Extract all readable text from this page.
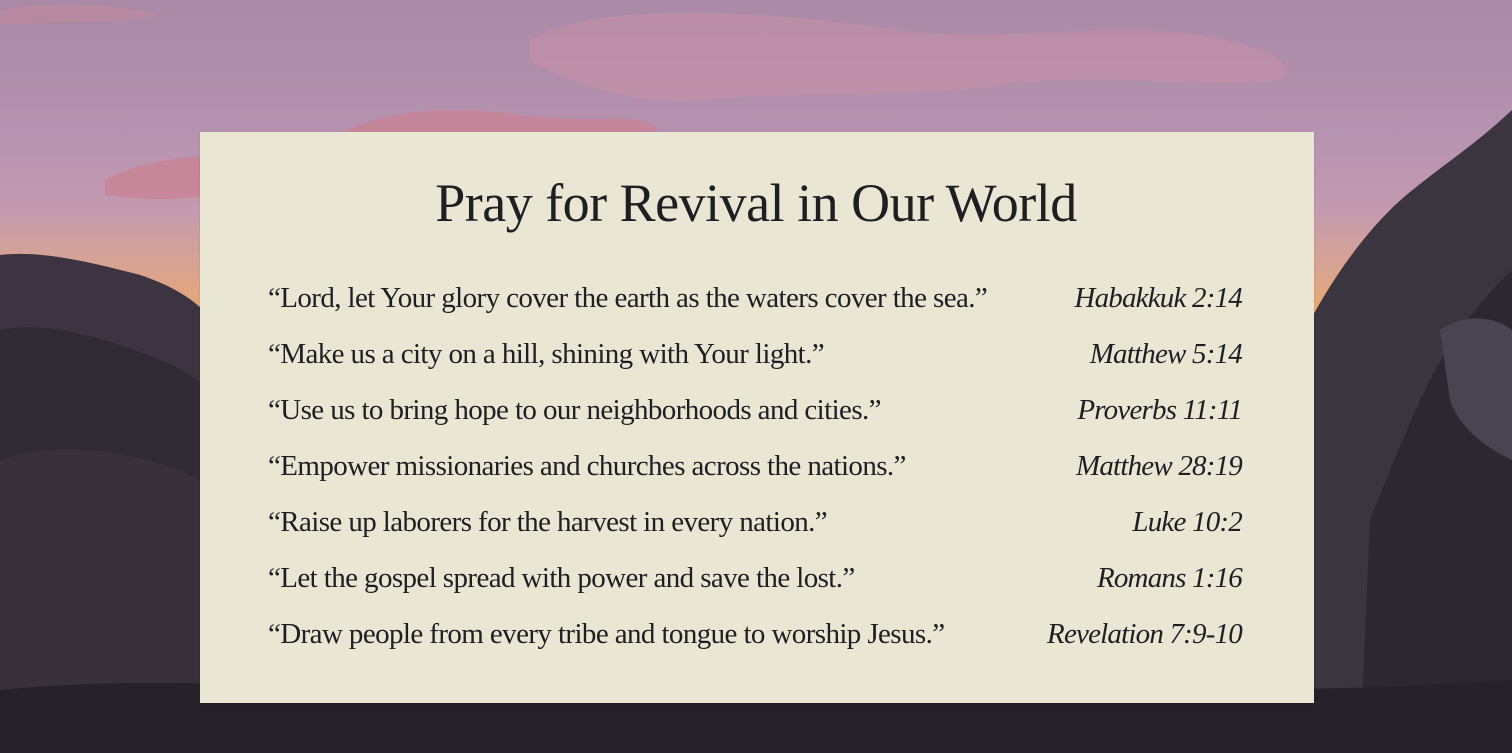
Pray for Revival in Our World
“Lord, let Your glory cover the earth as the waters cover the sea.”	Habakkuk 2:14
“Make us a city on a hill, shining with Your light.”	Matthew 5:14
“Use us to bring hope to our neighborhoods and cities.”	Proverbs 11:11
“Empower missionaries and churches across the nations.”	Matthew 28:19
“Raise up laborers for the harvest in every nation.”	Luke 10:2
“Let the gospel spread with power and save the lost.”	Romans 1:16
“Draw people from every tribe and tongue to worship Jesus.”	Revelation 7:9-10
